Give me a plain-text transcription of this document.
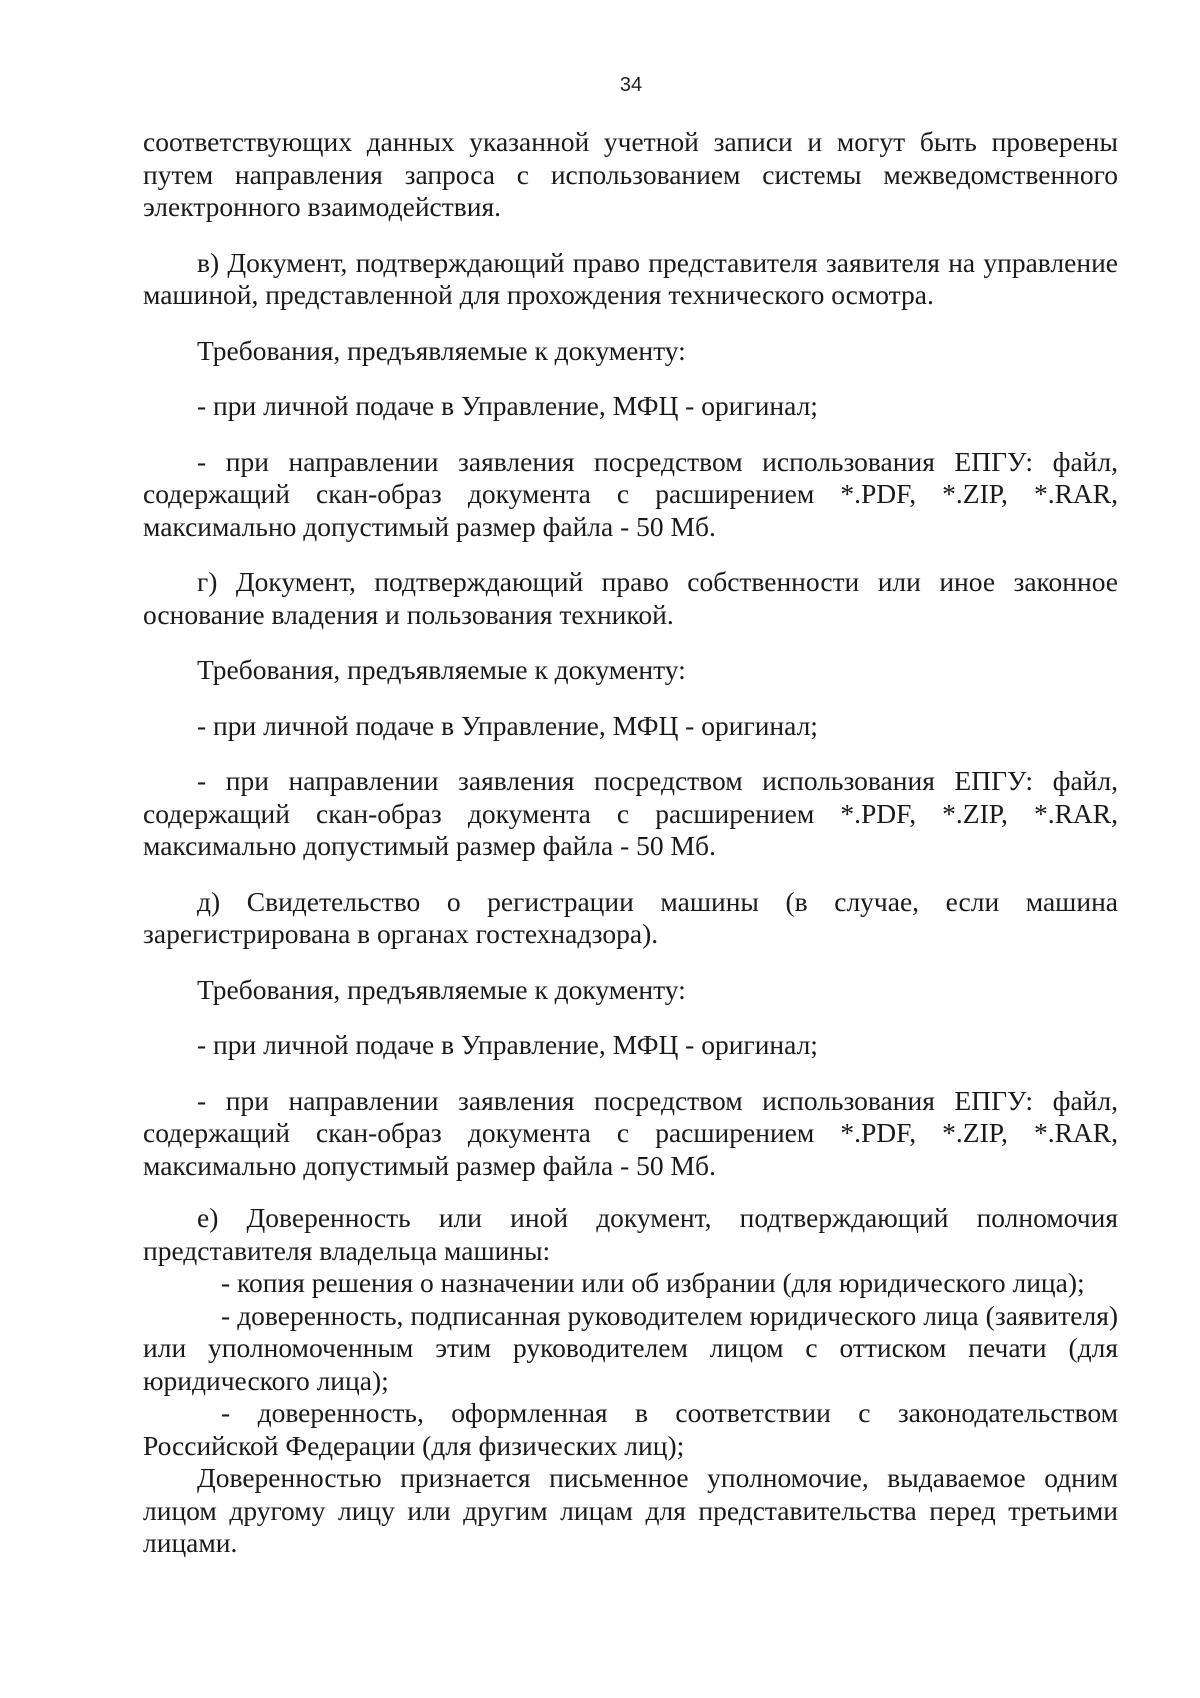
34

соответствующих данных указанной учетной записи и могут быть проверены путем направления запроса с использованием системы межведомственного электронного взаимодействия.

в) Документ, подтверждающий право представителя заявителя на управление машиной, представленной для прохождения технического осмотра.

Требования, предъявляемые к документу:

- при личной подаче в Управление, МФЦ - оригинал;

- при направлении заявления посредством использования ЕПГУ: файл, содержащий скан-образ документа с расширением *.PDF, *.ZIP, *.RAR, максимально допустимый размер файла - 50 Мб.

г) Документ, подтверждающий право собственности или иное законное основание владения и пользования техникой.

Требования, предъявляемые к документу:

- при личной подаче в Управление, МФЦ - оригинал;

- при направлении заявления посредством использования ЕПГУ: файл, содержащий скан-образ документа с расширением *.PDF, *.ZIP, *.RAR, максимально допустимый размер файла - 50 Мб.

д) Свидетельство о регистрации машины (в случае, если машина зарегистрирована в органах гостехнадзора).

Требования, предъявляемые к документу:

- при личной подаче в Управление, МФЦ - оригинал;

- при направлении заявления посредством использования ЕПГУ: файл, содержащий скан-образ документа с расширением *.PDF, *.ZIP, *.RAR, максимально допустимый размер файла - 50 Мб.

е) Доверенность или иной документ, подтверждающий полномочия представителя владельца машины:

- копия решения о назначении или об избрании (для юридического лица);

- доверенность, подписанная руководителем юридического лица (заявителя) или уполномоченным этим руководителем лицом с оттиском печати (для юридического лица);

- доверенность, оформленная в соответствии с законодательством Российской Федерации (для физических лиц);

Доверенностью признается письменное уполномочие, выдаваемое одним лицом другому лицу или другим лицам для представительства перед третьими лицами.
